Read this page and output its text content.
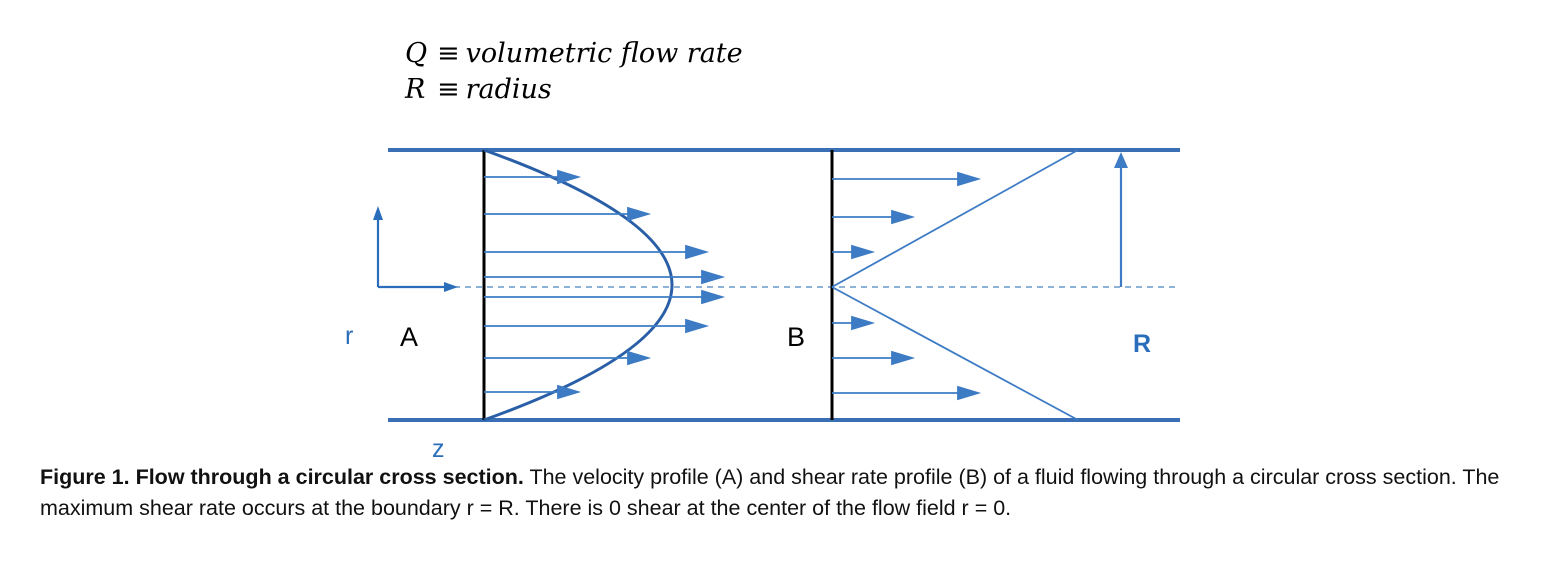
Q ≡ volumetric flow rate
R ≡ radius
A	B
r
z
R
Figure 1. Flow through a circular cross section. The velocity profile (A) and shear rate profile (B) of a fluid flowing through a circular cross section. The maximum shear rate occurs at the boundary r = R. There is 0 shear at the center of the flow field r = 0.
